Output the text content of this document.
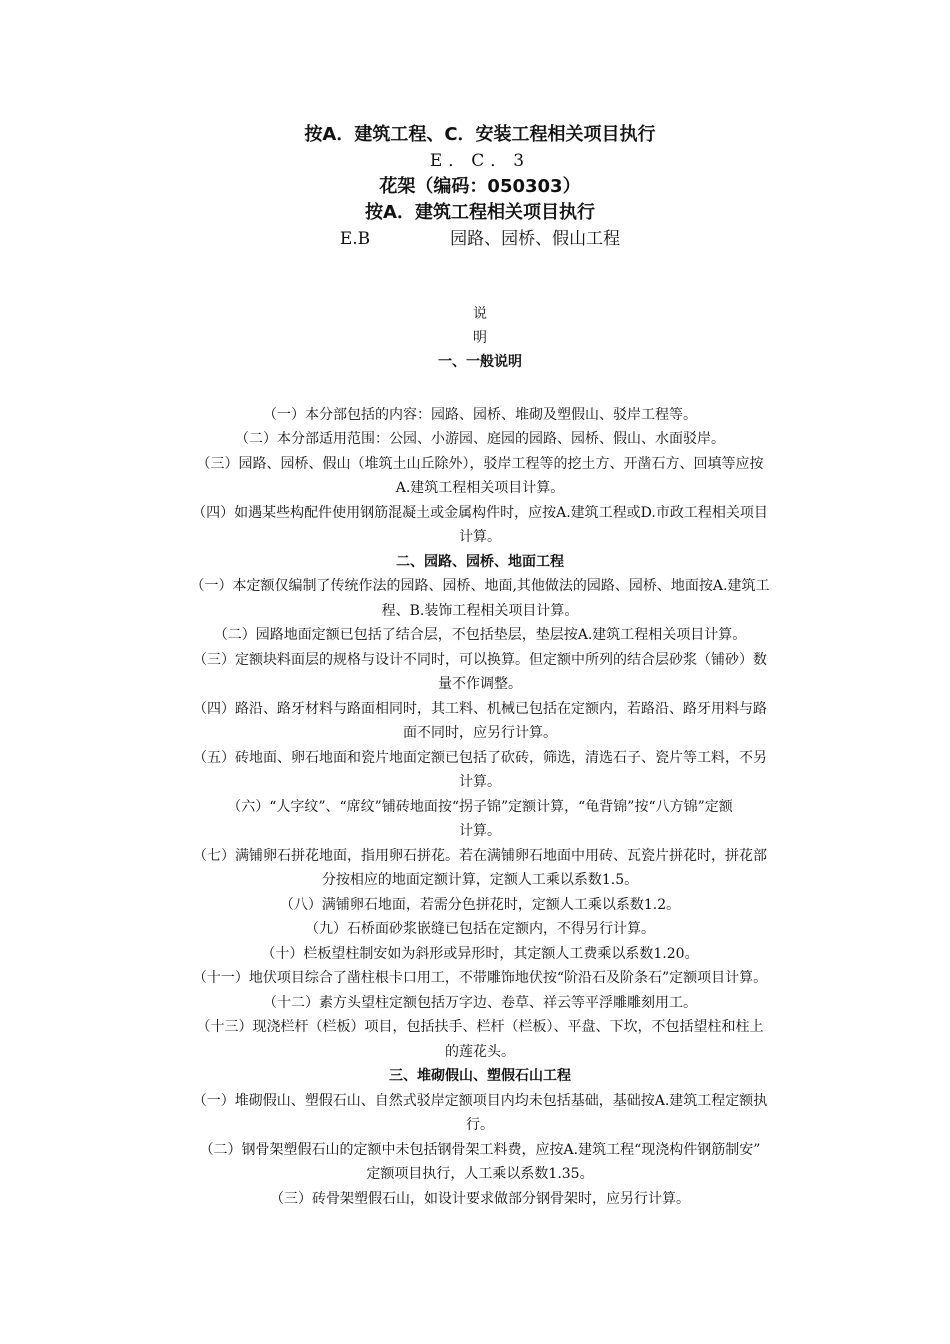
按A．建筑工程、C．安装工程相关项目执行
E．C．3
花架（编码：050303）
按A．建筑工程相关项目执行
E.B	园路、园桥、假山工程
说
明
一、一般说明
（一）本分部包括的内容：园路、园桥、堆砌及塑假山、驳岸工程等。
（二）本分部适用范围：公园、小游园、庭园的园路、园桥、假山、水面驳岸。
（三）园路、园桥、假山（堆筑土山丘除外），驳岸工程等的挖土方、开凿石方、回填等应按
A.建筑工程相关项目计算。
（四）如遇某些构配件使用钢筋混凝土或金属构件时，应按A.建筑工程或D.市政工程相关项目
计算。
二、园路、园桥、地面工程
（一）本定额仅编制了传统作法的园路、园桥、地面,其他做法的园路、园桥、地面按A.建筑工
程、B.装饰工程相关项目计算。
（二）园路地面定额已包括了结合层，不包括垫层，垫层按A.建筑工程相关项目计算。
（三）定额块料面层的规格与设计不同时，可以换算。但定额中所列的结合层砂浆（铺砂）数
量不作调整。
（四）路沿、路牙材料与路面相同时，其工料、机械已包括在定额内，若路沿、路牙用料与路
面不同时，应另行计算。
（五）砖地面、卵石地面和瓷片地面定额已包括了砍砖，筛选，清选石子、瓷片等工料，不另
计算。
（六）“人字纹”、“席纹”铺砖地面按“拐子锦”定额计算，“龟背锦”按“八方锦”定额
计算。
（七）满铺卵石拼花地面，指用卵石拼花。若在满铺卵石地面中用砖、瓦瓷片拼花时，拼花部
分按相应的地面定额计算，定额人工乘以系数1.5。
（八）满铺卵石地面，若需分色拼花时，定额人工乘以系数1.2。
（九）石桥面砂浆嵌缝已包括在定额内，不得另行计算。
（十）栏板望柱制安如为斜形或异形时，其定额人工费乘以系数1.20。
（十一）地伏项目综合了凿柱根卡口用工，不带雕饰地伏按“阶沿石及阶条石”定额项目计算。
（十二）素方头望柱定额包括万字边、卷草、祥云等平浮雕雕刻用工。
（十三）现浇栏杆（栏板）项目，包括扶手、栏杆（栏板）、平盘、下坎，不包括望柱和柱上
的莲花头。
三、堆砌假山、塑假石山工程
（一）堆砌假山、塑假石山、自然式驳岸定额项目内均未包括基础，基础按A.建筑工程定额执
行。
（二）钢骨架塑假石山的定额中未包括钢骨架工料费，应按A.建筑工程“现浇构件钢筋制安”
定额项目执行，人工乘以系数1.35。
（三）砖骨架塑假石山，如设计要求做部分钢骨架时，应另行计算。
